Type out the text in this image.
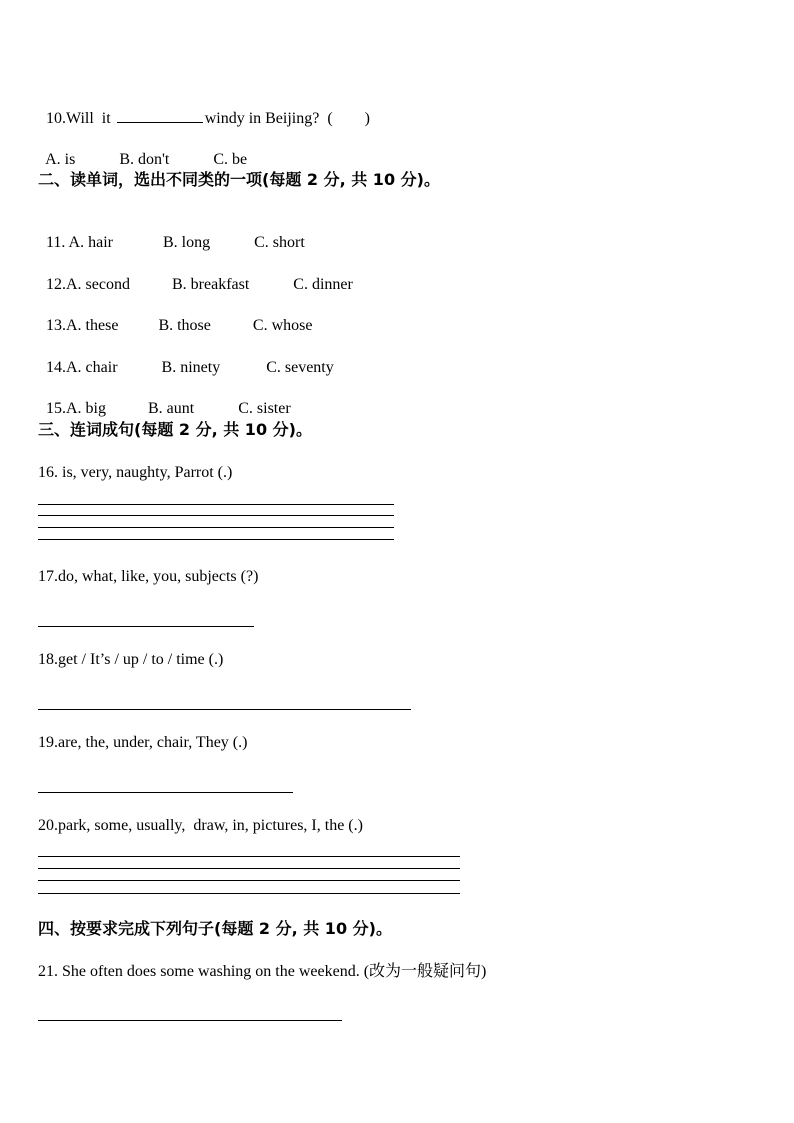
10.Will  it	windy in Beijing?  (        )

A. is	B. don't	C. be

二、读单词，选出不同类的一项(每题 2 分, 共 10 分)。

11. A. hair	B. long	C. short

12.A. second	B. breakfast	C. dinner

13.A. these	B. those	C. whose

14.A. chair	B. ninety	C. seventy

15.A. big	B. aunt	C. sister

三、连词成句(每题 2 分, 共 10 分)。
16. is, very, naughty, Parrot (.)
17.do, what, like, you, subjects (?)
18.get / It’s / up / to / time (.)
19.are, the, under, chair, They (.)
20.park, some, usually,  draw, in, pictures, I, the (.)
四、按要求完成下列句子(每题 2 分, 共 10 分)。
21. She often does some washing on the weekend. (改为一般疑问句)
